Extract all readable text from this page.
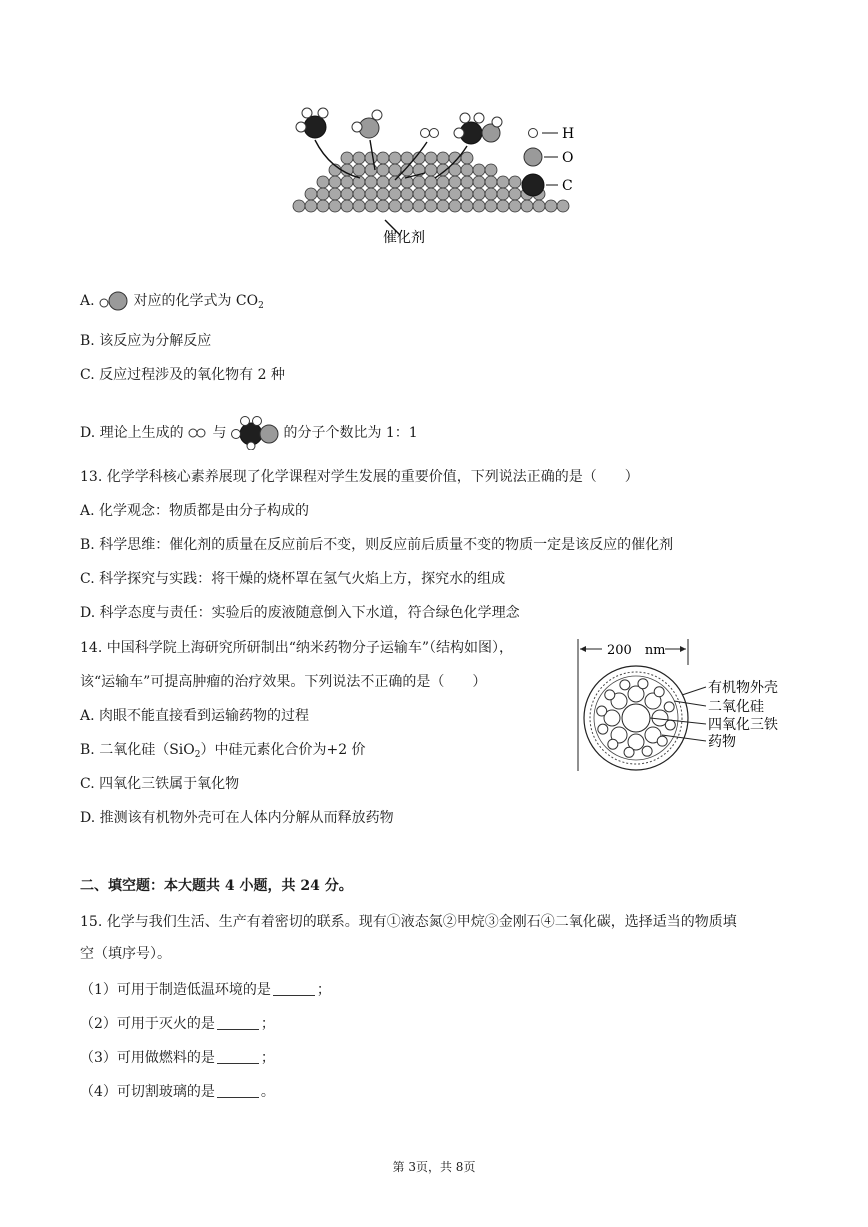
H
O
C
催化剂
A.	对应的化学式为 $CO_2$
B. 该反应为分解反应
C. 反应过程涉及的氧化物有 2 种
D. 理论上生成的 与	的分子个数比为 1：1
13. 化学学科核心素养展现了化学课程对学生发展的重要价值，下列说法正确的是（　　）
A. 化学观念：物质都是由分子构成的
B. 科学思维：催化剂的质量在反应前后不变，则反应前后质量不变的物质一定是该反应的催化剂
C. 科学探究与实践：将干燥的烧杯罩在氢气火焰上方，探究水的组成
D. 科学态度与责任：实验后的废液随意倒入下水道，符合绿色化学理念
14. 中国科学院上海研究所研制出“纳米药物分子运输车”（结构如图），
该“运输车”可提高肿瘤的治疗效果。下列说法不正确的是（　　）
A. 肉眼不能直接看到运输药物的过程
B. 二氧化硅（SiO$_2$）中硅元素化合价为+2 价
C. 四氧化三铁属于氧化物
D. 推测该有机物外壳可在人体内分解从而释放药物
200　nm
有机物外壳
二氧化硅
四氧化三铁
药物
二、填空题：本大题共 4 小题，共 24 分。
15. 化学与我们生活、生产有着密切的联系。现有①液态氮②甲烷③金刚石④二氧化碳，选择适当的物质填
空（填序号）。
（1）可用于制造低温环境的是	；
（2）可用于灭火的是	；
（3）可用做燃料的是	；
（4）可切割玻璃的是	。
第 3页，共 8页
